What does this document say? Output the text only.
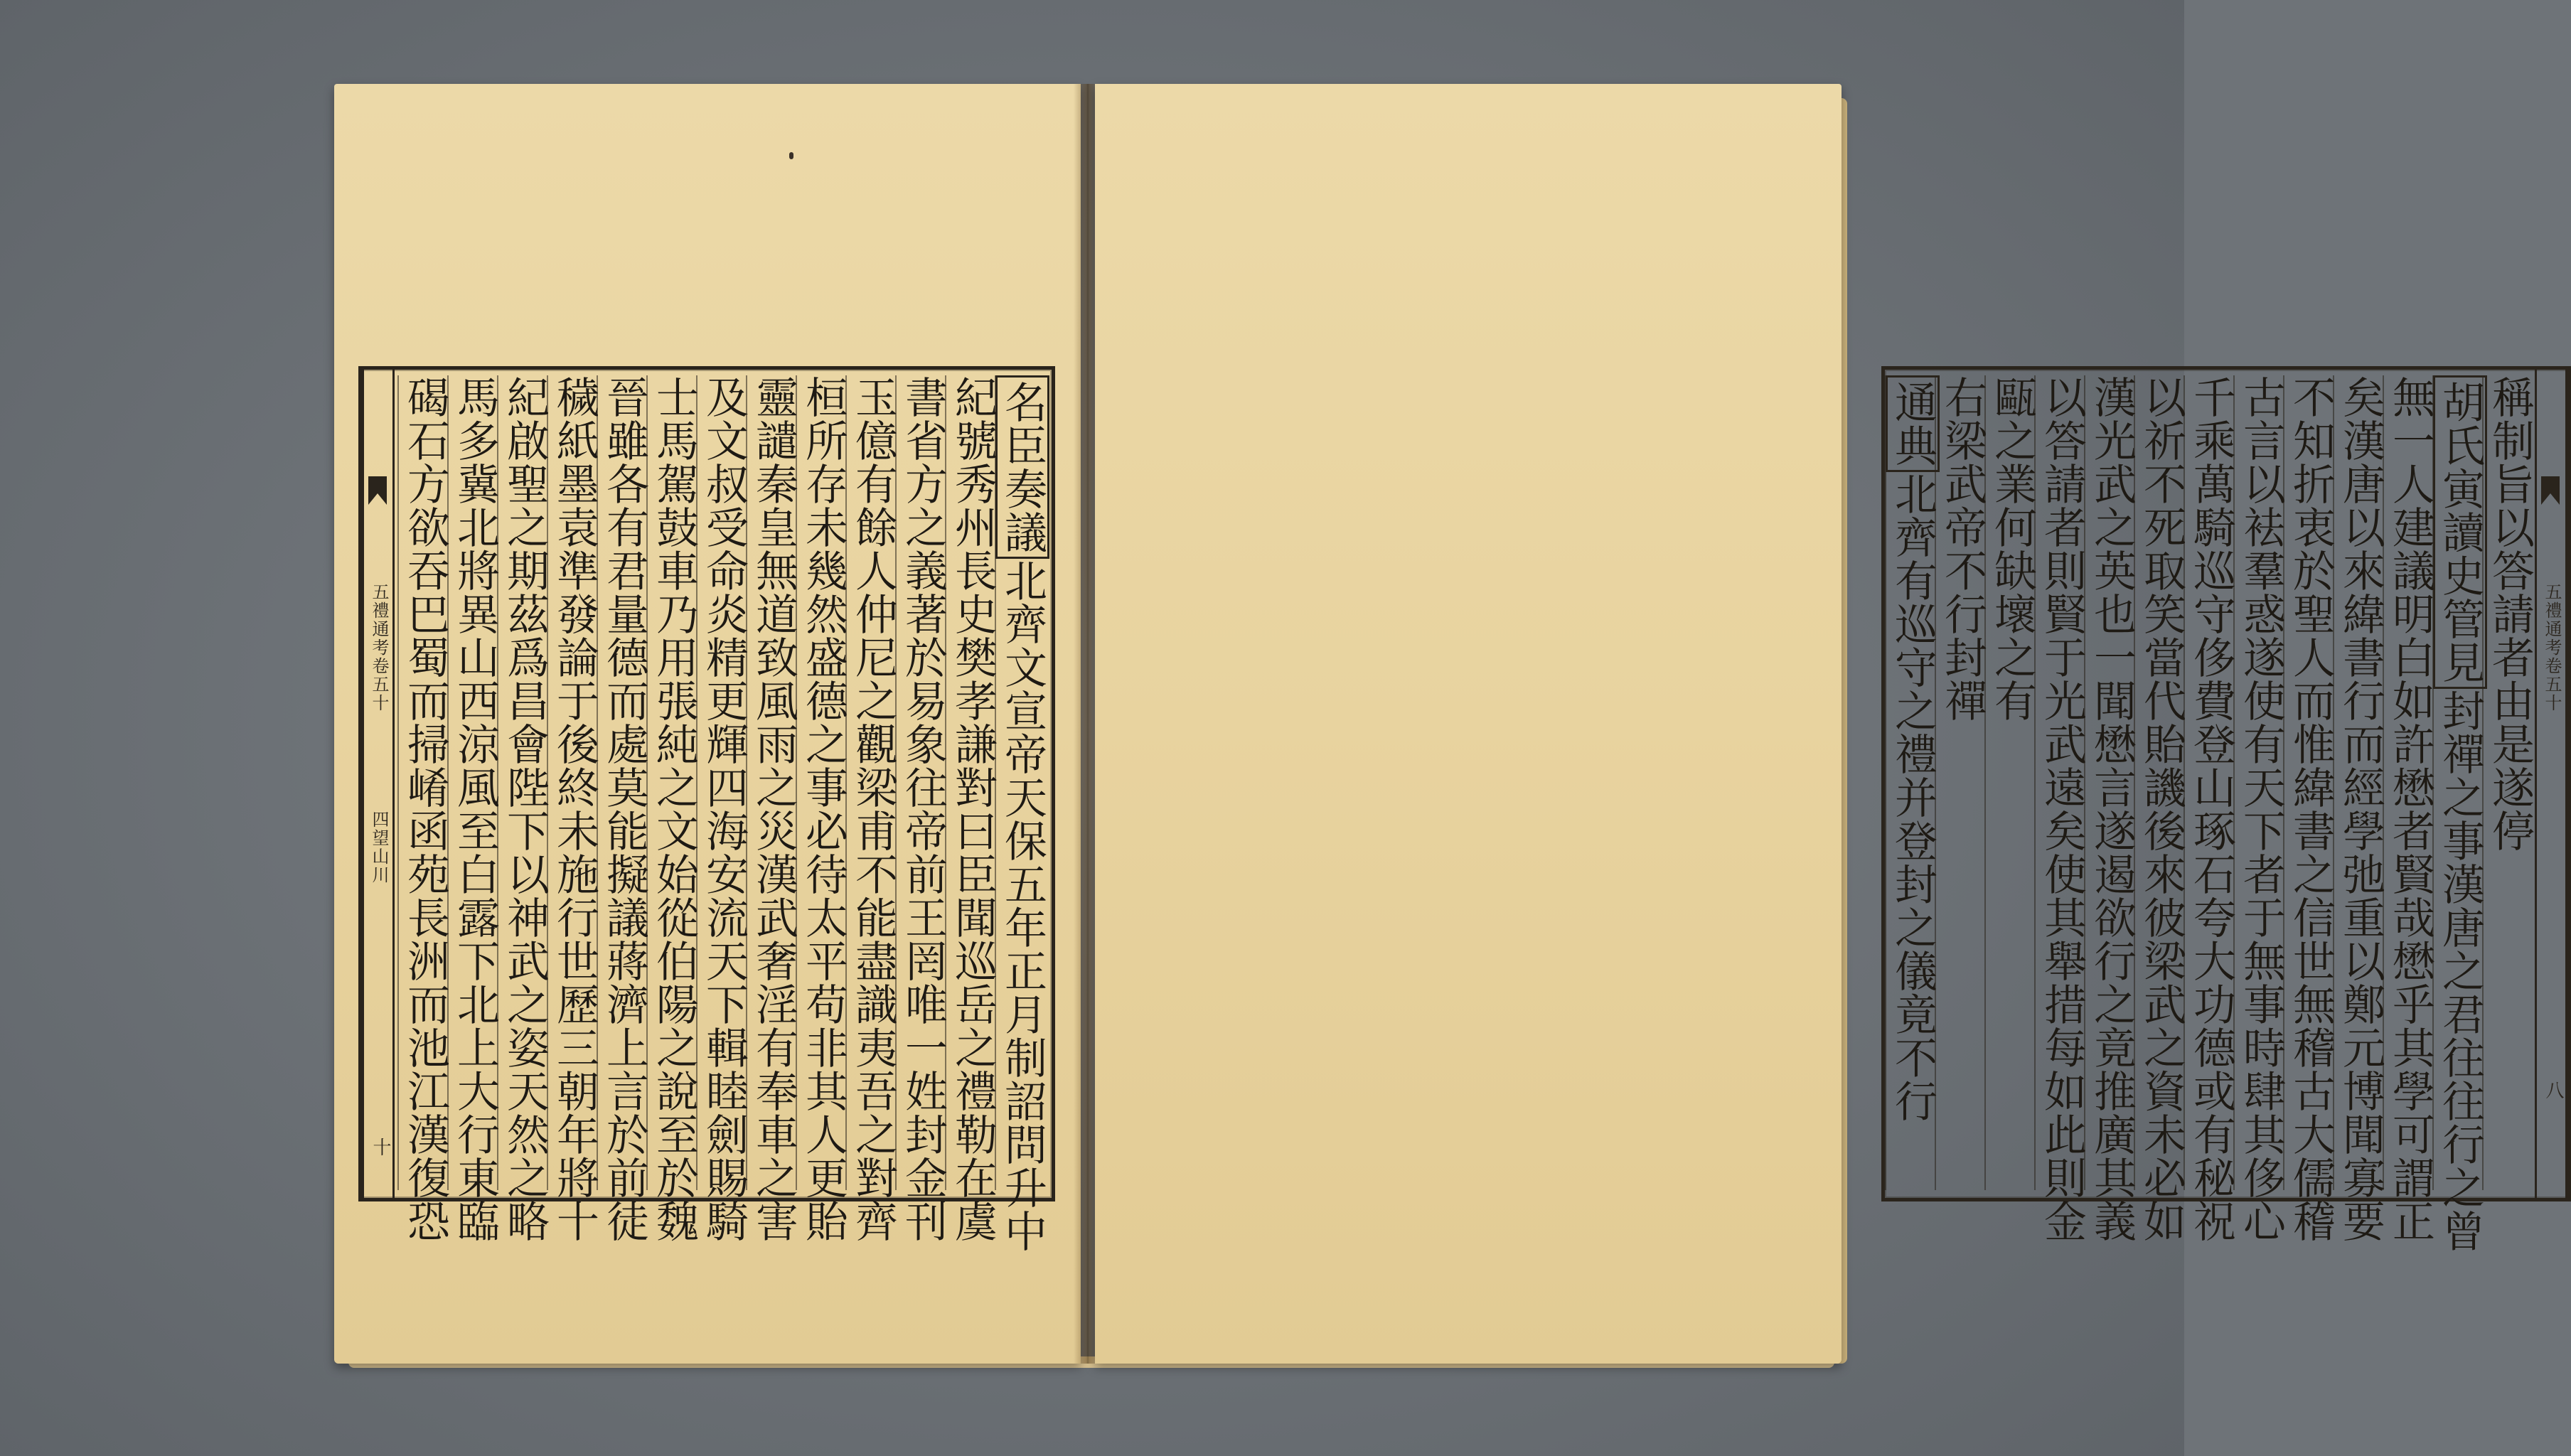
五禮通考卷五十
四望山川
十
名臣奏議北齊文宣帝天保五年正月制詔問升中
紀號秀州長史樊孝謙對曰臣聞巡岳之禮勒在虞
書省方之義著於易象往帝前王罔唯一姓封金刊
玉億有餘人仲尼之觀梁甫不能盡識夷吾之對齊
桓所存未幾然盛德之事必待太平苟非其人更貽
靈譴秦皇無道致風雨之災漢武奢淫有奉車之害
及文叔受命炎精更輝四海安流天下輯睦劍賜騎
士馬駕鼓車乃用張純之文始從伯陽之說至於魏
晉雖各有君量德而處莫能擬議蔣濟上言於前徒
穢紙墨袁準發論于後終未施行世歷三朝年將十
紀啟聖之期茲爲昌會陛下以神武之姿天然之略
馬多冀北將異山西涼風至白露下北上大行東臨
碣石方欲吞巴蜀而掃崤函苑長洲而池江漢復恐	五禮通考卷五十
八
稱制旨以答請者由是遂停
胡氏寅讀史管見封禪之事漢唐之君往往行之曾
無一人建議明白如許懋者賢哉懋乎其學可謂正
矣漢唐以來緯書行而經學弛重以鄭元博聞寡要
不知折衷於聖人而惟緯書之信世無稽古大儒稽
古言以袪羣惑遂使有天下者于無事時肆其侈心
千乘萬騎巡守侈費登山琢石夸大功德或有秘祝
以祈不死取笑當代貽譏後來彼梁武之資未必如
漢光武之英也一聞懋言遂遏欲行之竟推廣其義
以答請者則賢于光武遠矣使其舉措每如此則金
甌之業何缺壞之有
右梁武帝不行封禪
通典北齊有巡守之禮并登封之儀竟不行
